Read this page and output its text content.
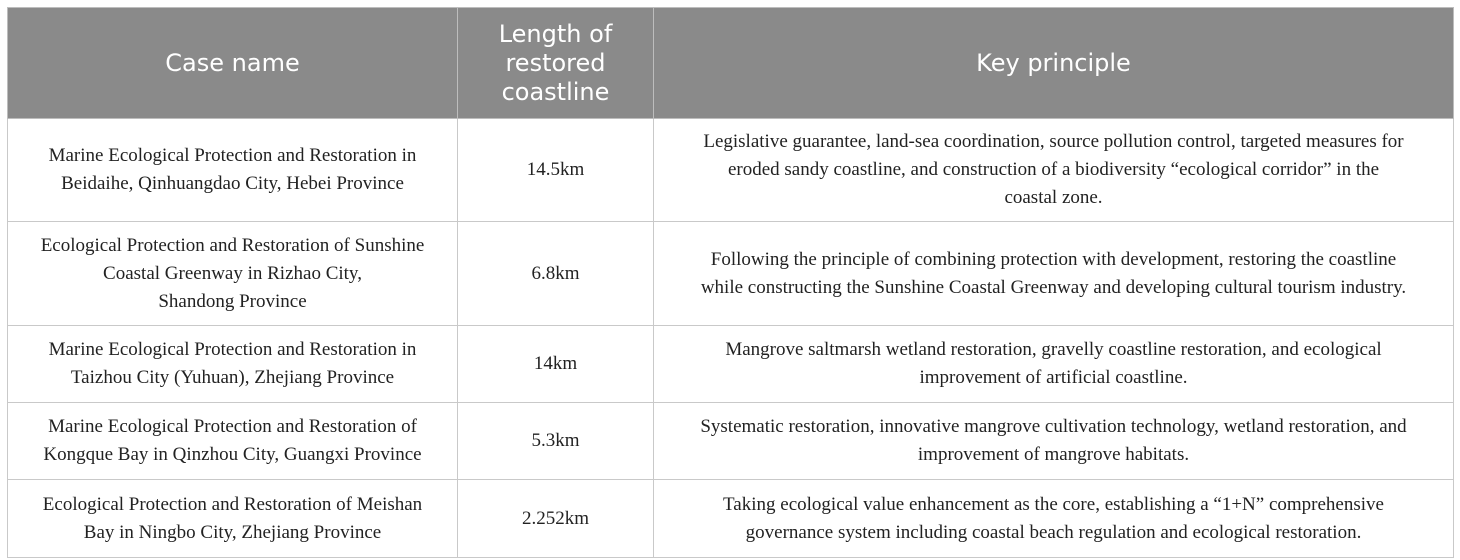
Case name	Length of
restored
coastline	Key principle

Marine Ecological Protection and Restoration in
Beidaihe, Qinhuangdao City, Hebei Province	14.5km	Legislative guarantee, land-sea coordination, source pollution control, targeted measures for
eroded sandy coastline, and construction of a biodiversity “ecological corridor” in the
coastal zone.

Ecological Protection and Restoration of Sunshine
Coastal Greenway in Rizhao City,
Shandong Province	6.8km	Following the principle of combining protection with development, restoring the coastline
while constructing the Sunshine Coastal Greenway and developing cultural tourism industry.

Marine Ecological Protection and Restoration in
Taizhou City (Yuhuan), Zhejiang Province	14km	Mangrove saltmarsh wetland restoration, gravelly coastline restoration, and ecological
improvement of artificial coastline.

Marine Ecological Protection and Restoration of
Kongque Bay in Qinzhou City, Guangxi Province	5.3km	Systematic restoration, innovative mangrove cultivation technology, wetland restoration, and
improvement of mangrove habitats.

Ecological Protection and Restoration of Meishan
Bay in Ningbo City, Zhejiang Province	2.252km	Taking ecological value enhancement as the core, establishing a “1+N” comprehensive
governance system including coastal beach regulation and ecological restoration.
